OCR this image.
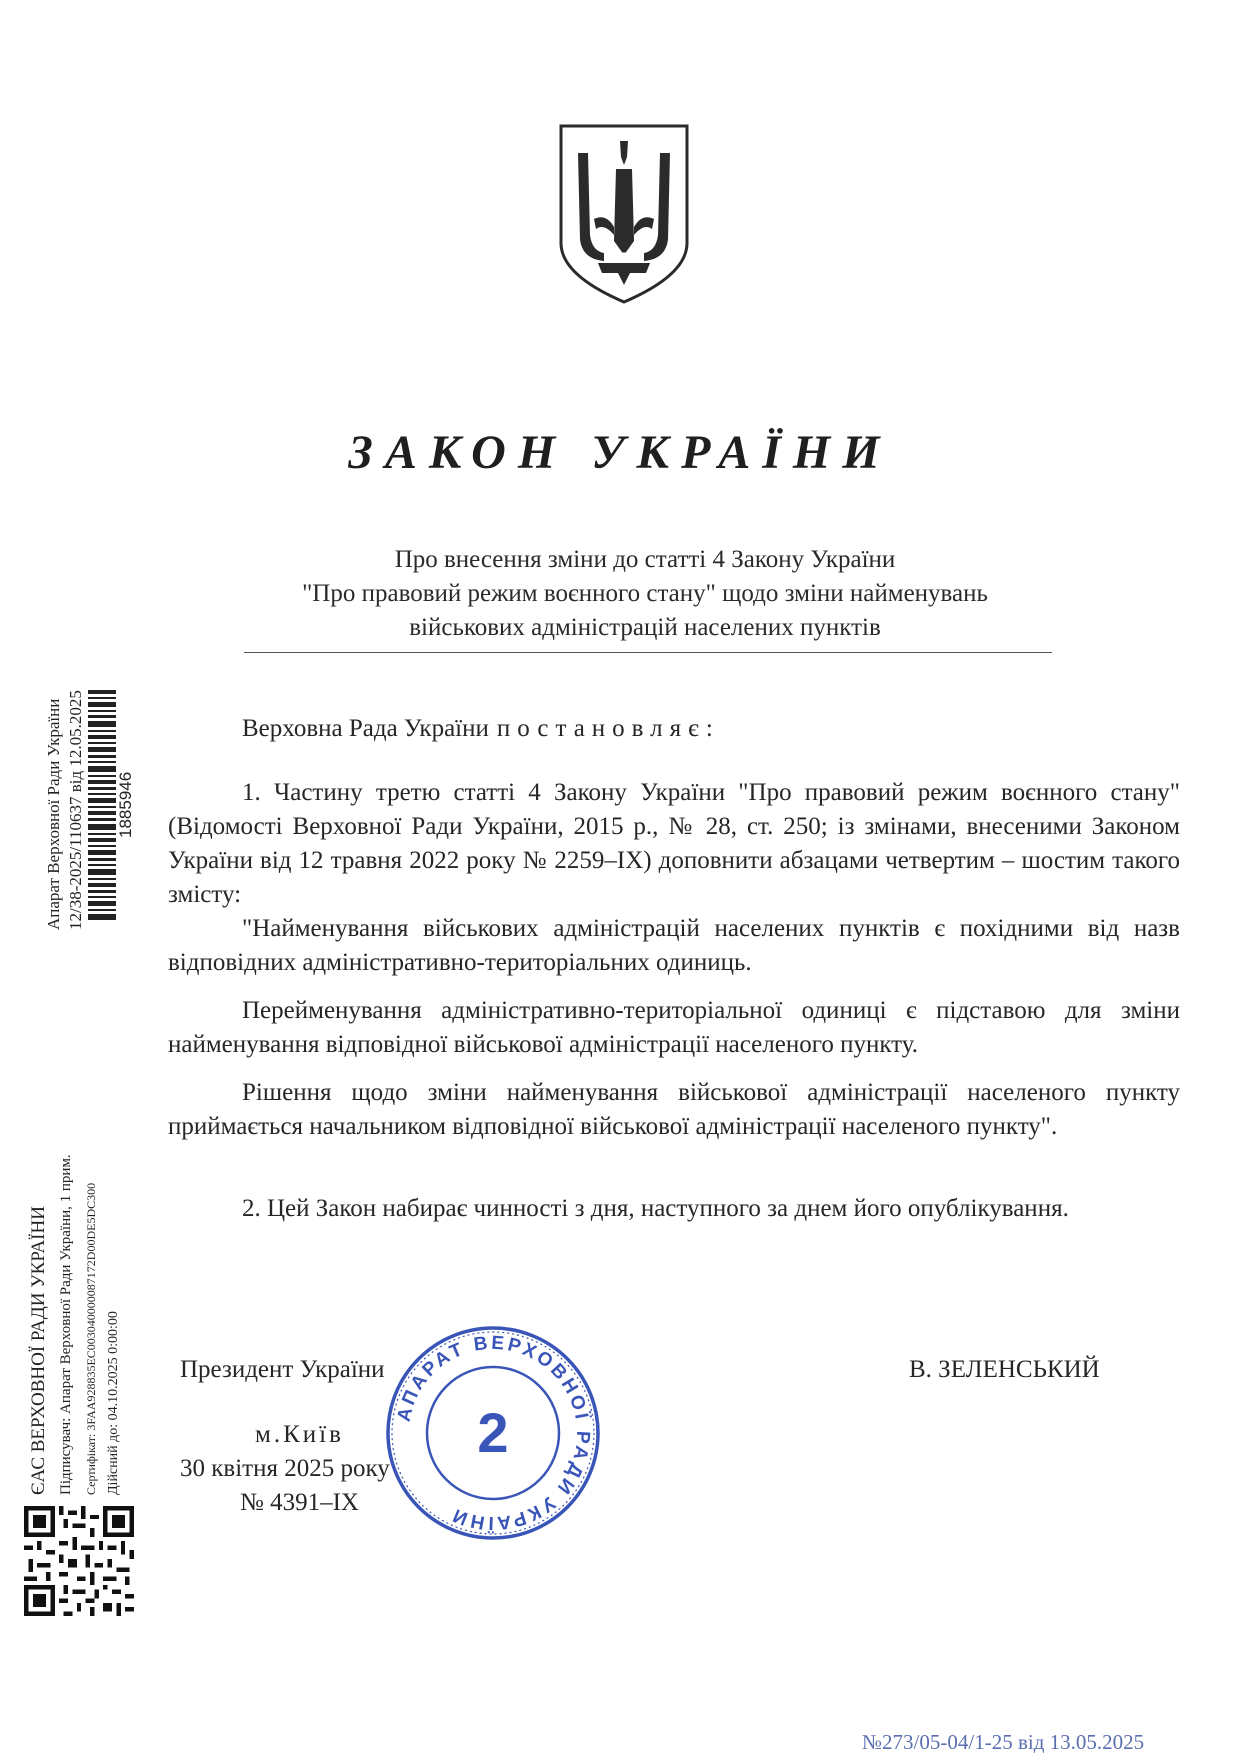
ЗАКОН УКРАЇНИ
Про внесення зміни до статті 4 Закону України
"Про правовий режим воєнного стану" щодо зміни найменувань
військових адміністрацій населених пунктів
Верховна Рада України постановляє:
1. Частину третю статті 4 Закону України "Про правовий режим воєнного стану" (Відомості Верховної Ради України, 2015 р., № 28, ст. 250; із змінами, внесеними Законом України від 12 травня 2022 року № 2259–IX) доповнити абзацами четвертим – шостим такого змісту:
"Найменування військових адміністрацій населених пунктів є похідними від назв відповідних адміністративно-територіальних одиниць.
Перейменування адміністративно-територіальної одиниці є підставою для зміни найменування відповідної військової адміністрації населеного пункту.
Рішення щодо зміни найменування військової адміністрації населеного пункту приймається начальником відповідної військової адміністрації населеного пункту".
2. Цей Закон набирає чинності з дня, наступного за днем його опублікування.
АПАРАТ ВЕРХОВНОЇ РАДИ УКРАЇНИ
2
Президент України	В. ЗЕЛЕНСЬКИЙ
м.Київ
30 квітня 2025 року
№ 4391–IX
Апарат Верховної Ради України 12/38-2025/110637 від 12.05.2025 1885946
ЄАС ВЕРХОВНОЇ РАДИ УКРАЇНИ Підписувач: Апарат Верховної Ради України, 1 прим. Сертифікат: 3FAA928835EC003040000087172D00DE5DC300 Дійсний до: 04.10.2025 0:00:00
№273/05-04/1-25 від 13.05.2025
